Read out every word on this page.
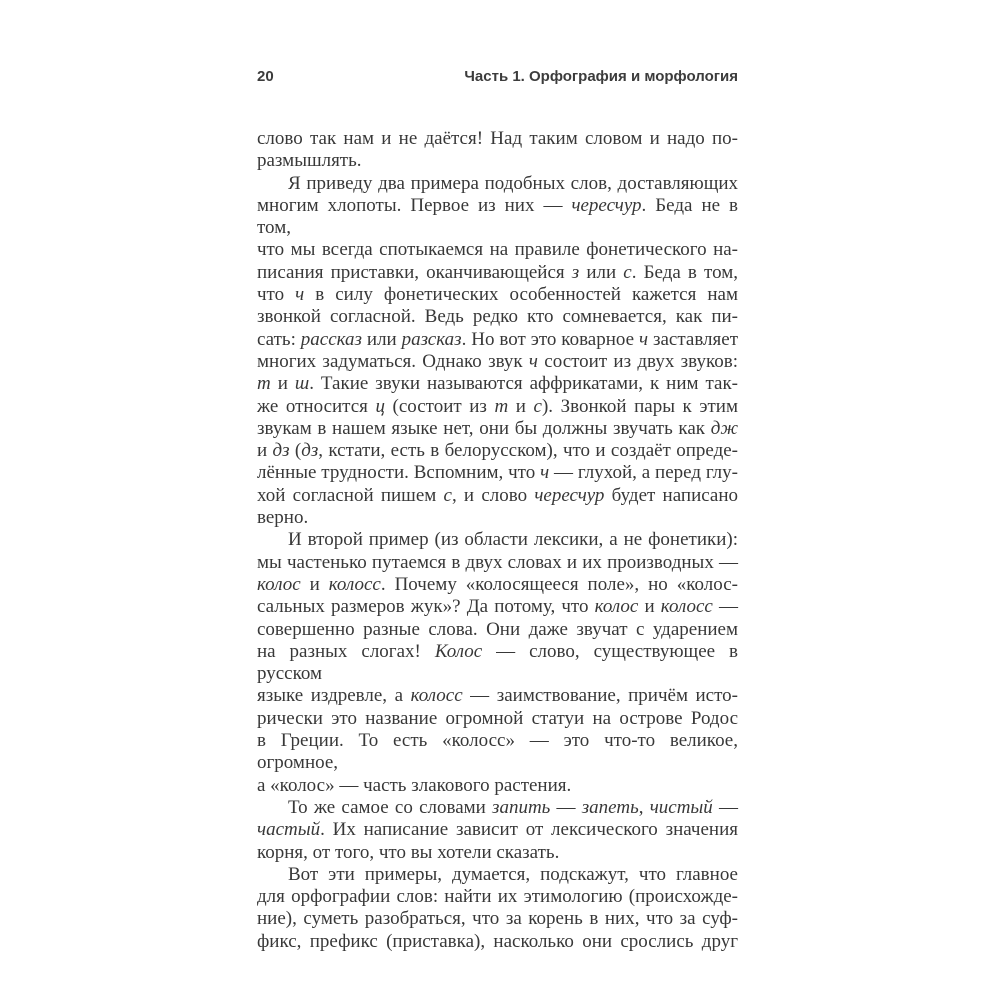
20	Часть 1. Орфография и морфология

слово так нам и не даётся! Над таким словом и надо по-
размышлять.

Я приведу два примера подобных слов, доставляющих
многим хлопоты. Первое из них — чересчур. Беда не в том,
что мы всегда спотыкаемся на правиле фонетического на-
писания приставки, оканчивающейся з или с. Беда в том,
что ч в силу фонетических особенностей кажется нам
звонкой согласной. Ведь редко кто сомневается, как пи-
сать: рассказ или разсказ. Но вот это коварное ч заставляет
многих задуматься. Однако звук ч состоит из двух звуков:
т и ш. Такие звуки называются аффрикатами, к ним так-
же относится ц (состоит из т и с). Звонкой пары к этим
звукам в нашем языке нет, они бы должны звучать как дж
и дз (дз, кстати, есть в белорусском), что и создаёт опреде-
лённые трудности. Вспомним, что ч — глухой, а перед глу-
хой согласной пишем с, и слово чересчур будет написано
верно.

И второй пример (из области лексики, а не фонетики):
мы частенько путаемся в двух словах и их производных —
колос и колосс. Почему «колосящееся поле», но «колос-
сальных размеров жук»? Да потому, что колос и колосс —
совершенно разные слова. Они даже звучат с ударением
на разных слогах! Колос — слово, существующее в русском
языке издревле, а колосс — заимствование, причём исто-
рически это название огромной статуи на острове Родос
в Греции. То есть «колосс» — это что-то великое, огромное,
а «колос» — часть злакового растения.

То же самое со словами запить — запеть, чистый —
частый. Их написание зависит от лексического значения
корня, от того, что вы хотели сказать.

Вот эти примеры, думается, подскажут, что главное
для орфографии слов: найти их этимологию (происхожде-
ние), суметь разобраться, что за корень в них, что за суф-
фикс, префикс (приставка), насколько они срослись друг
